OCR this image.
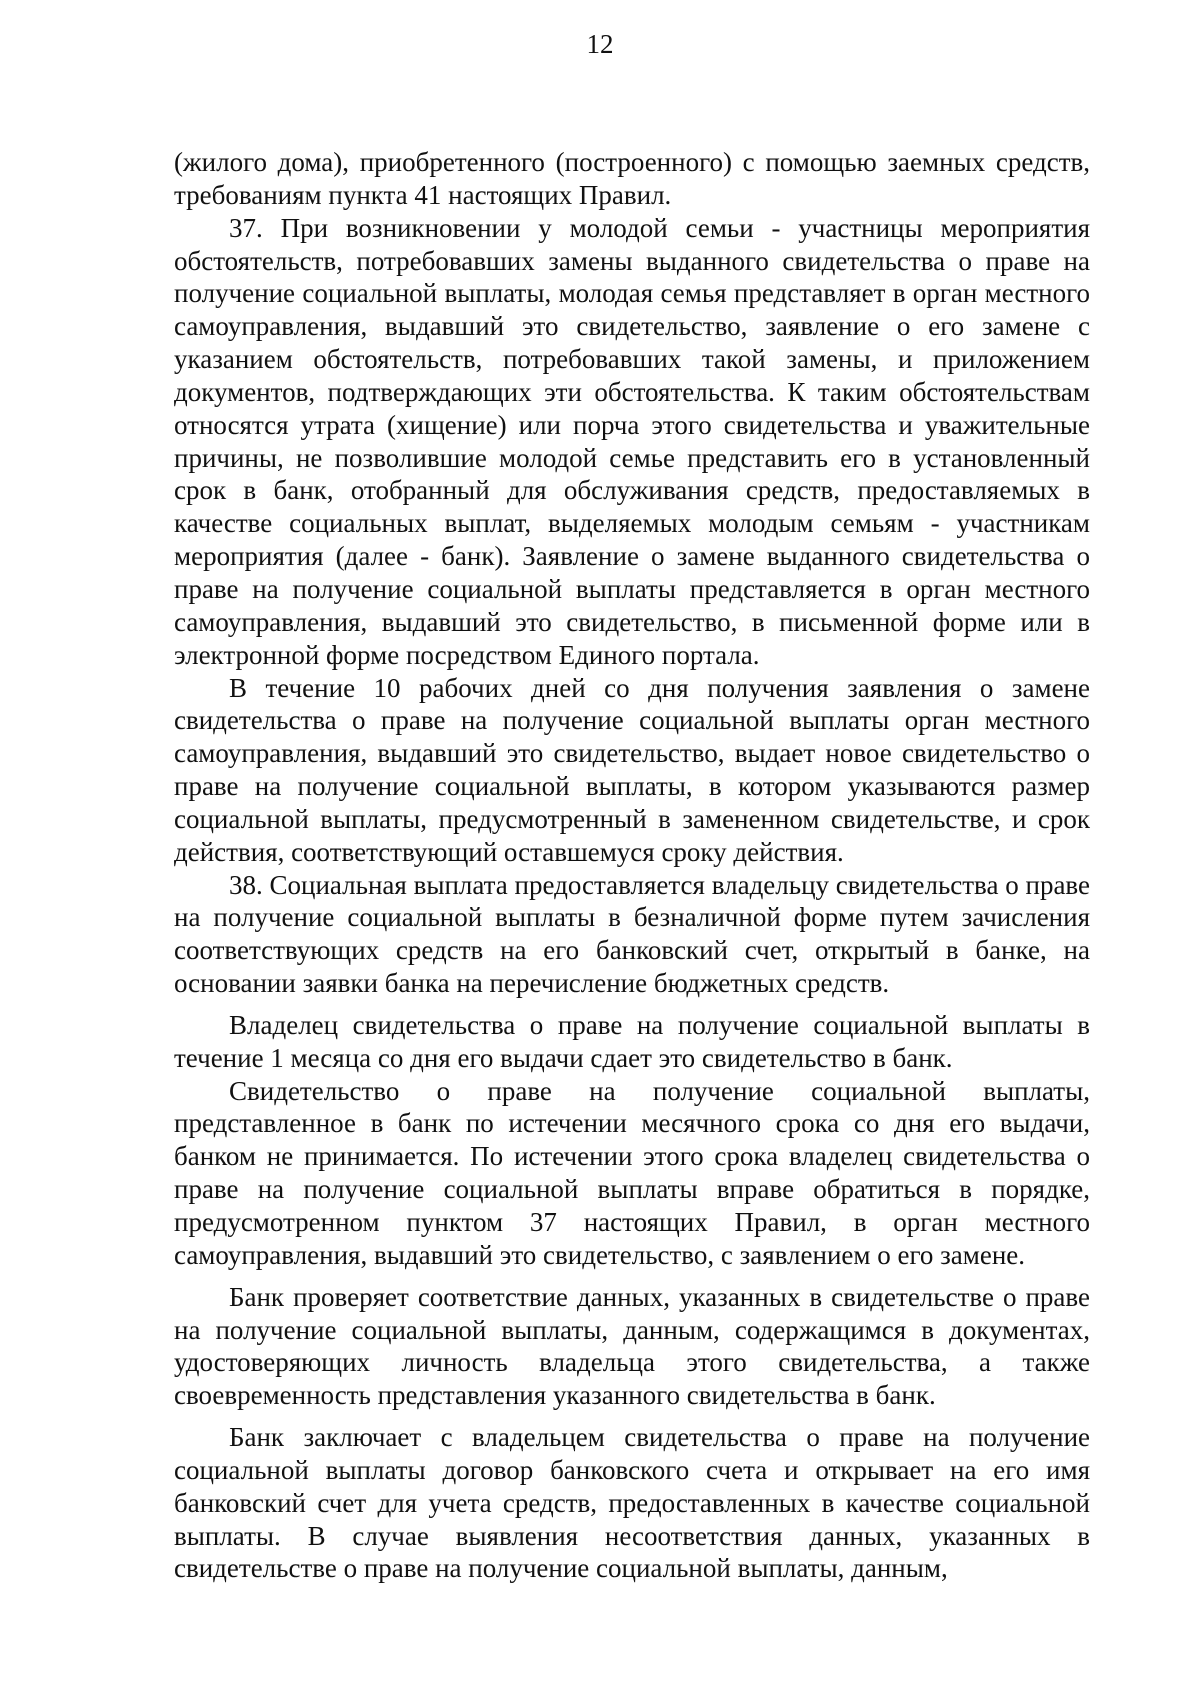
12

(жилого дома), приобретенного (построенного) с помощью заемных средств, требованиям пункта 41 настоящих Правил.

37. При возникновении у молодой семьи - участницы мероприятия обстоятельств, потребовавших замены выданного свидетельства о праве на получение социальной выплаты, молодая семья представляет в орган местного самоуправления, выдавший это свидетельство, заявление о его замене с указанием обстоятельств, потребовавших такой замены, и приложением документов, подтверждающих эти обстоятельства. К таким обстоятельствам относятся утрата (хищение) или порча этого свидетельства и уважительные причины, не позволившие молодой семье представить его в установленный срок в банк, отобранный для обслуживания средств, предоставляемых в качестве социальных выплат, выделяемых молодым семьям - участникам мероприятия (далее - банк). Заявление о замене выданного свидетельства о праве на получение социальной выплаты представляется в орган местного самоуправления, выдавший это свидетельство, в письменной форме или в электронной форме посредством Единого портала.

В течение 10 рабочих дней со дня получения заявления о замене свидетельства о праве на получение социальной выплаты орган местного самоуправления, выдавший это свидетельство, выдает новое свидетельство о праве на получение социальной выплаты, в котором указываются размер социальной выплаты, предусмотренный в замененном свидетельстве, и срок действия, соответствующий оставшемуся сроку действия.

38. Социальная выплата предоставляется владельцу свидетельства о праве на получение социальной выплаты в безналичной форме путем зачисления соответствующих средств на его банковский счет, открытый в банке, на основании заявки банка на перечисление бюджетных средств.

Владелец свидетельства о праве на получение социальной выплаты в течение 1 месяца со дня его выдачи сдает это свидетельство в банк.

Свидетельство о праве на получение социальной выплаты, представленное в банк по истечении месячного срока со дня его выдачи, банком не принимается. По истечении этого срока владелец свидетельства о праве на получение социальной выплаты вправе обратиться в порядке, предусмотренном пунктом 37 настоящих Правил, в орган местного самоуправления, выдавший это свидетельство, с заявлением о его замене.

Банк проверяет соответствие данных, указанных в свидетельстве о праве на получение социальной выплаты, данным, содержащимся в документах, удостоверяющих личность владельца этого свидетельства, а также своевременность представления указанного свидетельства в банк.

Банк заключает с владельцем свидетельства о праве на получение социальной выплаты договор банковского счета и открывает на его имя банковский счет для учета средств, предоставленных в качестве социальной выплаты. В случае выявления несоответствия данных, указанных в свидетельстве о праве на получение социальной выплаты, данным,
